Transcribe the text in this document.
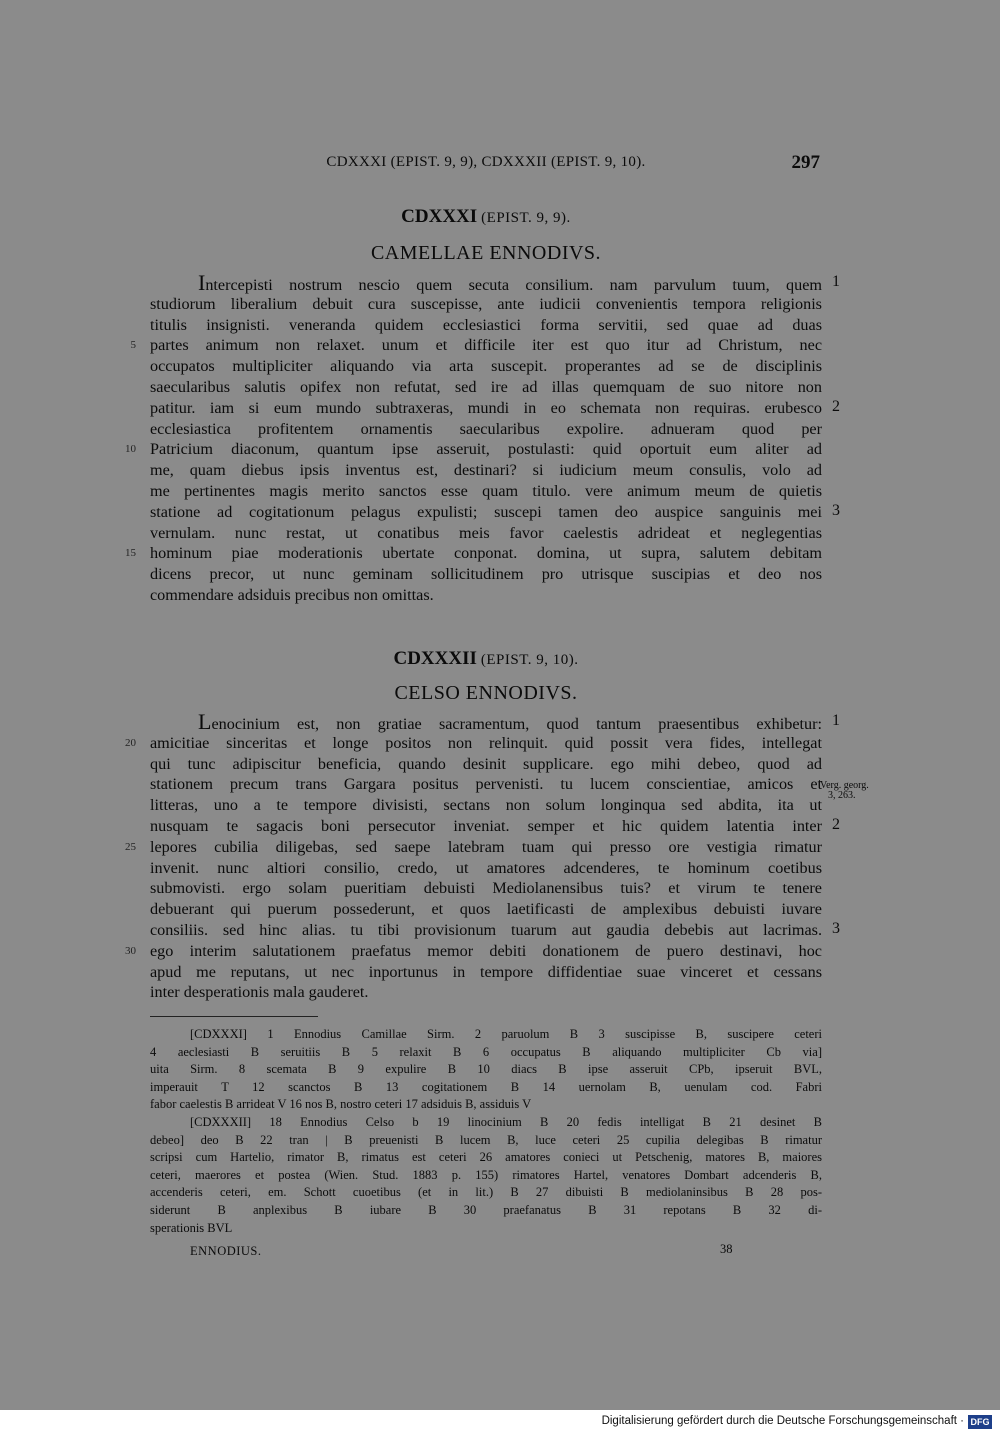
CDXXXI (EPIST. 9, 9), CDXXXII (EPIST. 9, 10).	297
CDXXXI (EPIST. 9, 9).
CAMELLAE ENNODIVS.
Intercepisti nostrum nescio quem secuta consilium. nam parvulum tuum, quem
studiorum liberalium debuit cura suscepisse, ante iudicii convenientis tempora religionis
titulis insignisti. veneranda quidem ecclesiastici forma servitii, sed quae ad duas
partes animum non relaxet. unum et difficile iter est quo itur ad Christum, nec
occupatos multipliciter aliquando via arta suscepit. properantes ad se de disciplinis
saecularibus salutis opifex non refutat, sed ire ad illas quemquam de suo nitore non
patitur. iam si eum mundo subtraxeras, mundi in eo schemata non requiras. erubesco
ecclesiastica profitentem ornamentis saecularibus expolire. adnueram quod per
Patricium diaconum, quantum ipse asseruit, postulasti: quid oportuit eum aliter ad
me, quam diebus ipsis inventus est, destinari? si iudicium meum consulis, volo ad
me pertinentes magis merito sanctos esse quam titulo. vere animum meum de quietis
statione ad cogitationum pelagus expulisti; suscepi tamen deo auspice sanguinis mei
vernulam. nunc restat, ut conatibus meis favor caelestis adrideat et neglegentias
hominum piae moderationis ubertate conponat. domina, ut supra, salutem debitam
dicens precor, ut nunc geminam sollicitudinem pro utrisque suscipias et deo nos
commendare adsiduis precibus non omittas.
5
10
15
1
2
3
CDXXXII (EPIST. 9, 10).
CELSO ENNODIVS.
Lenocinium est, non gratiae sacramentum, quod tantum praesentibus exhibetur:
amicitiae sinceritas et longe positos non relinquit. quid possit vera fides, intellegat
qui tunc adipiscitur beneficia, quando desinit supplicare. ego mihi debeo, quod ad
stationem precum trans Gargara positus pervenisti. tu lucem conscientiae, amicos et
litteras, uno a te tempore divisisti, sectans non solum longinqua sed abdita, ita ut
nusquam te sagacis boni persecutor inveniat. semper et hic quidem latentia inter
lepores cubilia diligebas, sed saepe latebram tuam qui presso ore vestigia rimatur
invenit. nunc altiori consilio, credo, ut amatores adcenderes, te hominum coetibus
submovisti. ergo solam pueritiam debuisti Mediolanensibus tuis? et virum te tenere
debuerant qui puerum possederunt, et quos laetificasti de amplexibus debuisti iuvare
consiliis. sed hinc alias. tu tibi provisionum tuarum aut gaudia debebis aut lacrimas.
ego interim salutationem praefatus memor debiti donationem de puero destinavi, hoc
apud me reputans, ut nec inportunus in tempore diffidentiae suae vinceret et cessans
inter desperationis mala gauderet.
20
25
30
1
2
3
Verg. georg.
3, 263.
[CDXXXI] 1 Ennodius Camillae Sirm. 2 paruolum B 3 suscipisse B, suscipere ceteri
4 aeclesiasti B seruitiis B 5 relaxit B 6 occupatus B aliquando multipliciter Cb via]
uita Sirm. 8 scemata B 9 expulire B 10 diacs B ipse asseruit CPb, ipseruit BVL,
imperauit T 12 scanctos B 13 cogitationem B 14 uernolam B, uenulam cod. Fabri
fabor caelestis B arrideat V 16 nos B, nostro ceteri 17 adsiduis B, assiduis V
[CDXXXII] 18 Ennodius Celso b 19 linocinium B 20 fedis intelligat B 21 desinet B
debeo] deo B 22 tran | B preuenisti B lucem B, luce ceteri 25 cupilia delegibas B rimatur
scripsi cum Hartelio, rimator B, rimatus est ceteri 26 amatores conieci ut Petschenig, matores B, maiores
ceteri, maerores et postea (Wien. Stud. 1883 p. 155) rimatores Hartel, venatores Dombart adcenderis B,
accenderis ceteri, em. Schott cuoetibus (et in lit.) B 27 dibuisti B mediolaninsibus B 28 pos-
siderunt B anplexibus B iubare B 30 praefanatus B 31 repotans B 32 di-
sperationis BVL
ENNODIUS.	38
Digitalisierung gefördert durch die Deutsche Forschungsgemeinschaft · DFG
